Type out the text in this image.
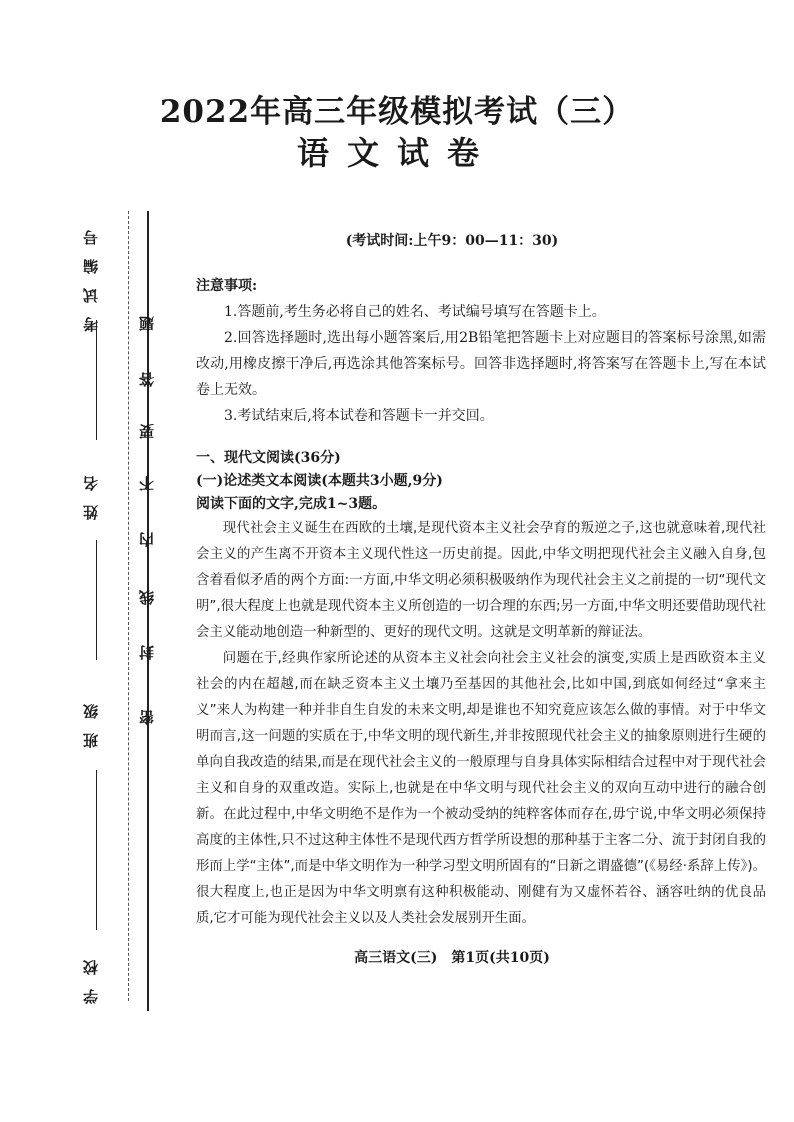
2022年高三年级模拟考试（三）
语文试卷
考试编号
姓名
班级
学校
密
封
线
内
不
要
答
题
(考试时间:上午9：00—11：30)
注意事项:
1.答题前,考生务必将自己的姓名、考试编号填写在答题卡上。
2.回答选择题时,选出每小题答案后,用2B铅笔把答题卡上对应题目的答案标号涂黑,如需改动,用橡皮擦干净后,再选涂其他答案标号。回答非选择题时,将答案写在答题卡上,写在本试卷上无效。
3.考试结束后,将本试卷和答题卡一并交回。
一、现代文阅读(36分)
(一)论述类文本阅读(本题共3小题,9分)
阅读下面的文字,完成1~3题。
现代社会主义诞生在西欧的土壤,是现代资本主义社会孕育的叛逆之子,这也就意味着,现代社会主义的产生离不开资本主义现代性这一历史前提。因此,中华文明把现代社会主义融入自身,包含着看似矛盾的两个方面:一方面,中华文明必须积极吸纳作为现代社会主义之前提的一切“现代文明”,很大程度上也就是现代资本主义所创造的一切合理的东西;另一方面,中华文明还要借助现代社会主义能动地创造一种新型的、更好的现代文明。这就是文明革新的辩证法。
问题在于,经典作家所论述的从资本主义社会向社会主义社会的演变,实质上是西欧资本主义社会的内在超越,而在缺乏资本主义土壤乃至基因的其他社会,比如中国,到底如何经过“拿来主义”来人为构建一种并非自生自发的未来文明,却是谁也不知究竟应该怎么做的事情。对于中华文明而言,这一问题的实质在于,中华文明的现代新生,并非按照现代社会主义的抽象原则进行生硬的单向自我改造的结果,而是在现代社会主义的一般原理与自身具体实际相结合过程中对于现代社会主义和自身的双重改造。实际上,也就是在中华文明与现代社会主义的双向互动中进行的融合创新。在此过程中,中华文明绝不是作为一个被动受纳的纯粹客体而存在,毋宁说,中华文明必须保持高度的主体性,只不过这种主体性不是现代西方哲学所设想的那种基于主客二分、流于封闭自我的形而上学“主体”,而是中华文明作为一种学习型文明所固有的“日新之谓盛德”(《易经·系辞上传》)。很大程度上,也正是因为中华文明禀有这种积极能动、刚健有为又虚怀若谷、涵容吐纳的优良品质,它才可能为现代社会主义以及人类社会发展别开生面。
高三语文(三)　第1页(共10页)
